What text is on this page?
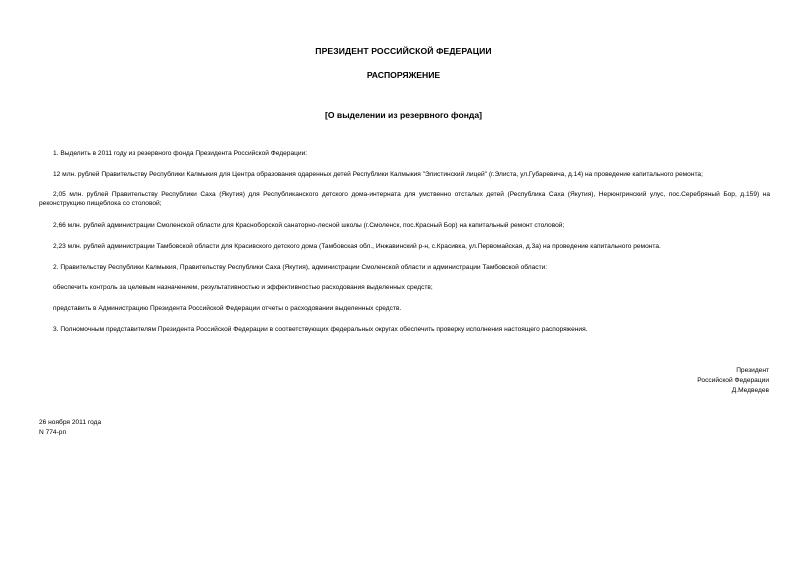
ПРЕЗИДЕНТ РОССИЙСКОЙ ФЕДЕРАЦИИ
РАСПОРЯЖЕНИЕ
[О выделении из резервного фонда]

1. Выделить в 2011 году из резервного фонда Президента Российской Федерации:

12 млн. рублей Правительству Республики Калмыкия для Центра образования одаренных детей Республики Калмыкия "Элистинский лицей" (г.Элиста, ул.Губаревича, д.14) на проведение капитального ремонта;

2,05 млн. рублей Правительству Республики Саха (Якутия) для Республиканского детского дома-интерната для умственно отсталых детей (Республика Саха (Якутия), Нерюнгринский улус, пос.Серебряный Бор, д.159) на реконструкцию пищеблока со столовой;

2,66 млн. рублей администрации Смоленской области для Красноборской санаторно-лесной школы (г.Смоленск, пос.Красный Бор) на капитальный ремонт столовой;

2,23 млн. рублей администрации Тамбовской области для Красивского детского дома (Тамбовская обл., Инжавинский р-н, с.Красивка, ул.Первомайская, д.3а) на проведение капитального ремонта.

2. Правительству Республики Калмыкия, Правительству Республики Саха (Якутия), администрации Смоленской области и администрации Тамбовской области:

обеспечить контроль за целевым назначением, результативностью и эффективностью расходования выделенных средств;

представить в Администрацию Президента Российской Федерации отчеты о расходовании выделенных средств.

3. Полномочным представителям Президента Российской Федерации в соответствующих федеральных округах обеспечить проверку исполнения настоящего распоряжения.

Президент
Российской Федерации
Д.Медведев
26 ноября 2011 года
N 774-рп
